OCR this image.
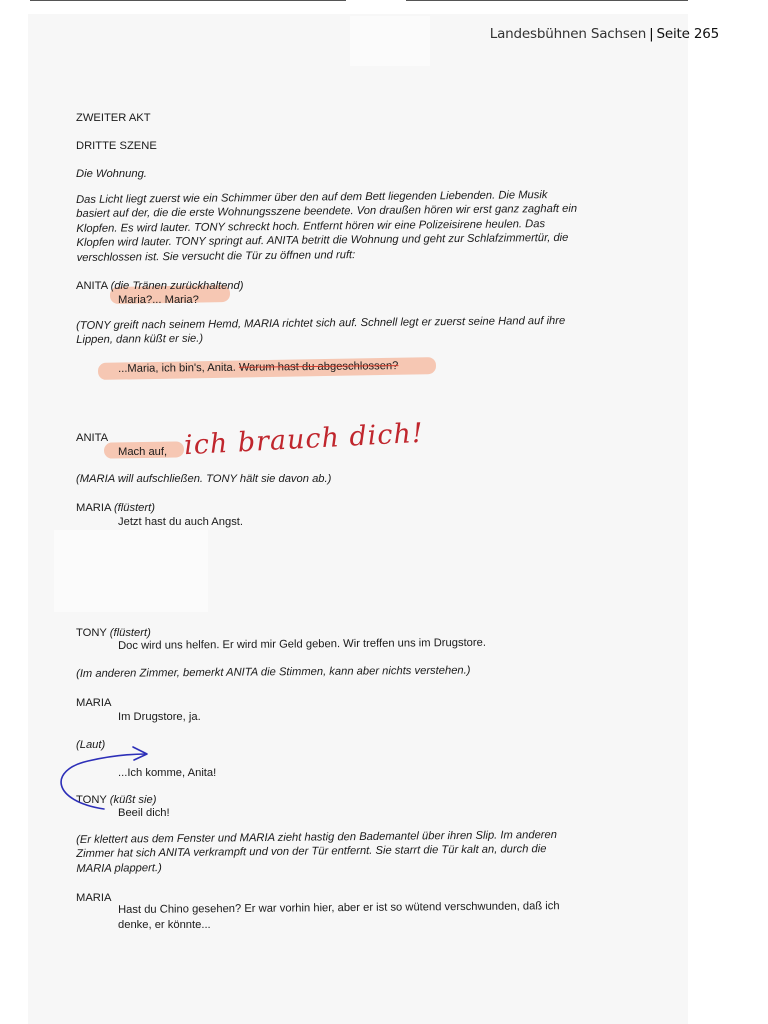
Landesbühnen Sachsen | Seite 265
ZWEITER AKT
DRITTE SZENE
Die Wohnung.
Das Licht liegt zuerst wie ein Schimmer über den auf dem Bett liegenden Liebenden. Die Musik
basiert auf der, die die erste Wohnungsszene beendete. Von draußen hören wir erst ganz zaghaft ein
Klopfen. Es wird lauter. TONY schreckt hoch. Entfernt hören wir eine Polizeisirene heulen. Das
Klopfen wird lauter. TONY springt auf. ANITA betritt die Wohnung und geht zur Schlafzimmertür, die
verschlossen ist. Sie versucht die Tür zu öffnen und ruft:
ANITA (die Tränen zurückhaltend)
Maria?... Maria?
(TONY greift nach seinem Hemd, MARIA richtet sich auf. Schnell legt er zuerst seine Hand auf ihre
Lippen, dann küßt er sie.)
...Maria, ich bin's, Anita. Warum hast du abgeschlossen?
ANITA
Mach auf, ich brauch dich!
(MARIA will aufschließen. TONY hält sie davon ab.)
MARIA (flüstert)
Jetzt hast du auch Angst.
TONY (flüstert)
Doc wird uns helfen. Er wird mir Geld geben. Wir treffen uns im Drugstore.
(Im anderen Zimmer, bemerkt ANITA die Stimmen, kann aber nichts verstehen.)
MARIA
Im Drugstore, ja.
(Laut)
...Ich komme, Anita!
TONY (küßt sie)
Beeil dich!
(Er klettert aus dem Fenster und MARIA zieht hastig den Bademantel über ihren Slip. Im anderen
Zimmer hat sich ANITA verkrampft und von der Tür entfernt. Sie starrt die Tür kalt an, durch die
MARIA plappert.)
MARIA
Hast du Chino gesehen? Er war vorhin hier, aber er ist so wütend verschwunden, daß ich
denke, er könnte...
